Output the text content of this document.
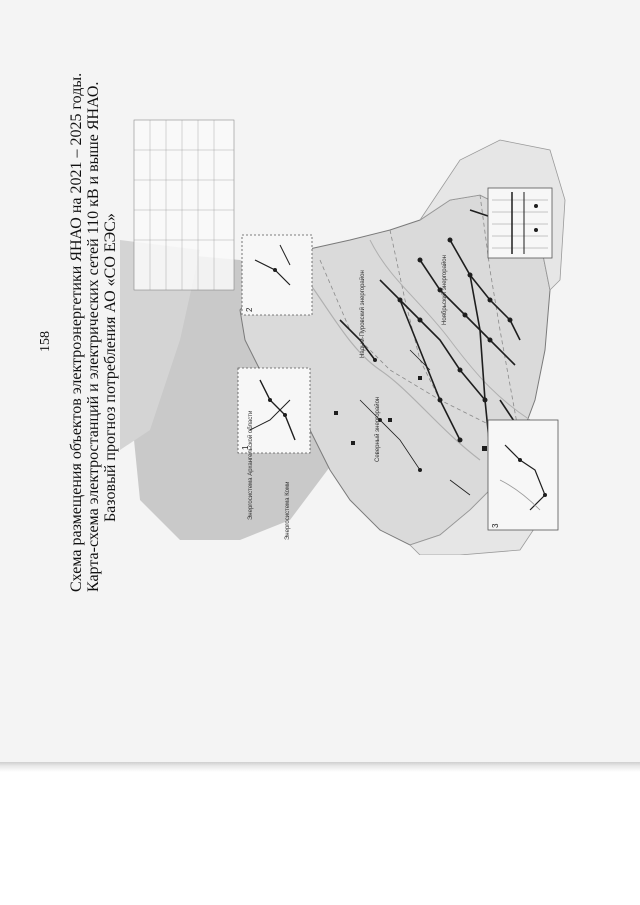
158 Схема размещения объектов электроэнергетики ЯНАО на 2021 – 2025 годы. Карта-схема электростанций и электрических сетей 110 кВ и выше ЯНАО. Базовый прогноз потребления АО «СО ЕЭС»	Энергосистема Архангельской области	Энергосистема Коми
Северный энергорайон
Ноябрьский энергорайон
Надым-Пуровский энергорайон
1
2
3
